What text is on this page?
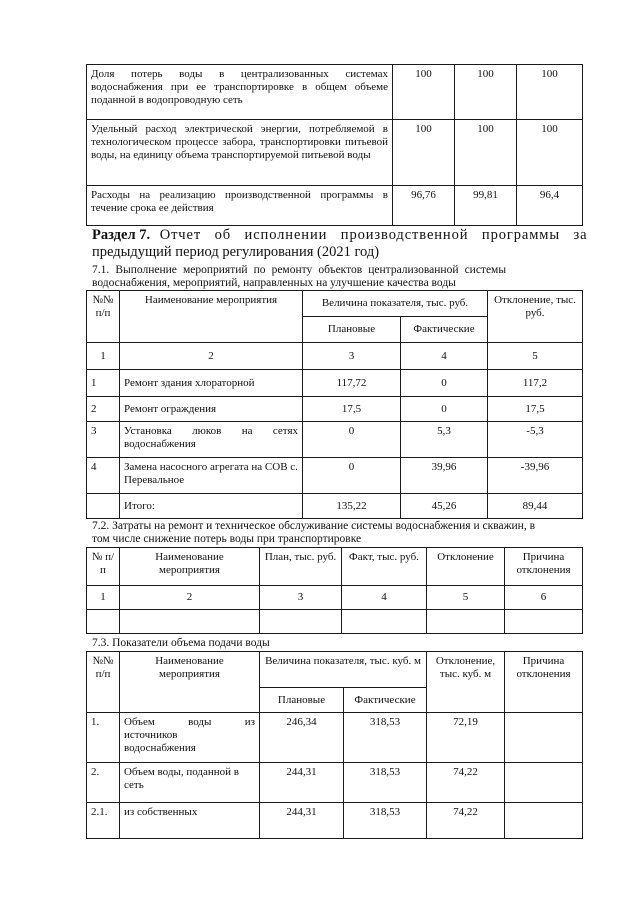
Доля потерь воды в централизованных системах водоснабжения при ее транспортировке в общем объеме поданной в водопроводную сеть	100	100	100
Удельный расход электрической энергии, потребляемой в технологическом процессе забора, транспортировки питьевой воды, на единицу объема транспортируемой питьевой воды	100	100	100
Расходы на реализацию производственной программы в течение срока ее действия	96,76	99,81	96,4
Раздел 7. Отчет об исполнении производственной программы за
предыдущий период регулирования (2021 год)
7.1. Выполнение мероприятий по ремонту объектов централизованной системы
водоснабжения, мероприятий, направленных на улучшение качества воды
№№ п/п	Наименование мероприятия	Величина показателя, тыс. руб.		Отклонение, тыс. руб.
		Плановые	Фактические	
1	2	3	4	5
1	Ремонт здания хлораторной	117,72	0	117,2
2	Ремонт ограждения	17,5	0	17,5
3	Установка люков на сетях водоснабжения	0	5,3	-5,3
4	Замена насосного агрегата на СОВ с. Перевальное	0	39,96	-39,96
	Итого:	135,22	45,26	89,44
7.2. Затраты на ремонт и техническое обслуживание системы водоснабжения и скважин, в
том числе снижение потерь воды при транспортировке
№ п/п	Наименование мероприятия	План, тыс. руб.	Факт, тыс. руб.	Отклонение	Причина отклонения
1	2	3	4	5	6

7.3. Показатели объема подачи воды
№№ п/п	Наименование мероприятия	Величина показателя, тыс. куб. м		Отклонение, тыс. куб. м	Причина отклонения
		Плановые	Фактические		
1.	Объем воды из источников водоснабжения	246,34	318,53	72,19	
2.	Объем воды, поданной в сеть	244,31	318,53	74,22	
2.1.	из собственных	244,31	318,53	74,22	
